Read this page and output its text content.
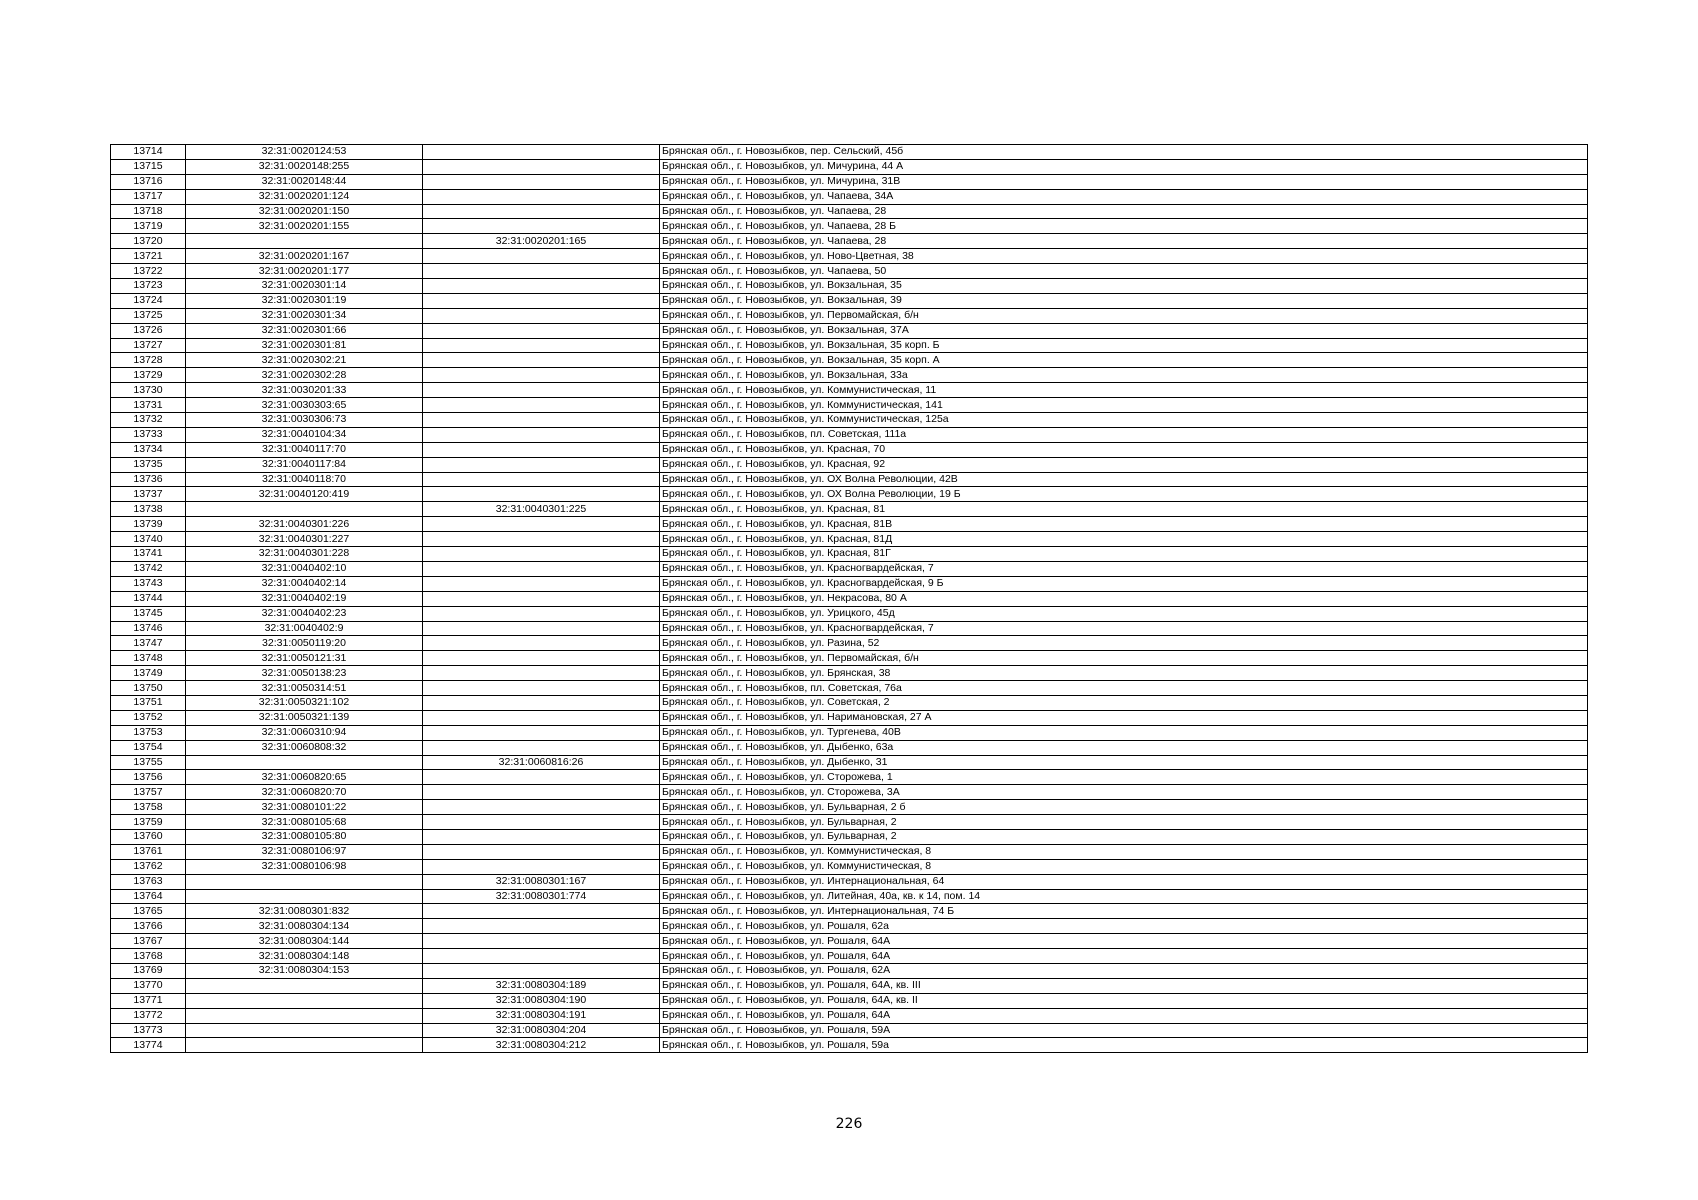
13714	32:31:0020124:53		Брянская обл., г. Новозыбков, пер. Сельский, 45б
13715	32:31:0020148:255		Брянская обл., г. Новозыбков, ул. Мичурина, 44 А
13716	32:31:0020148:44		Брянская обл., г. Новозыбков, ул. Мичурина, 31В
13717	32:31:0020201:124		Брянская обл., г. Новозыбков, ул. Чапаева, 34А
13718	32:31:0020201:150		Брянская обл., г. Новозыбков, ул. Чапаева, 28
13719	32:31:0020201:155		Брянская обл., г. Новозыбков, ул. Чапаева, 28 Б
13720		32:31:0020201:165	Брянская обл., г. Новозыбков, ул. Чапаева, 28
13721	32:31:0020201:167		Брянская обл., г. Новозыбков, ул. Ново-Цветная, 38
13722	32:31:0020201:177		Брянская обл., г. Новозыбков, ул. Чапаева, 50
13723	32:31:0020301:14		Брянская обл., г. Новозыбков, ул. Вокзальная, 35
13724	32:31:0020301:19		Брянская обл., г. Новозыбков, ул. Вокзальная, 39
13725	32:31:0020301:34		Брянская обл., г. Новозыбков, ул. Первомайская, б/н
13726	32:31:0020301:66		Брянская обл., г. Новозыбков, ул. Вокзальная, 37А
13727	32:31:0020301:81		Брянская обл., г. Новозыбков, ул. Вокзальная, 35 корп. Б
13728	32:31:0020302:21		Брянская обл., г. Новозыбков, ул. Вокзальная, 35 корп. А
13729	32:31:0020302:28		Брянская обл., г. Новозыбков, ул. Вокзальная, 33а
13730	32:31:0030201:33		Брянская обл., г. Новозыбков, ул. Коммунистическая, 11
13731	32:31:0030303:65		Брянская обл., г. Новозыбков, ул. Коммунистическая, 141
13732	32:31:0030306:73		Брянская обл., г. Новозыбков, ул. Коммунистическая, 125а
13733	32:31:0040104:34		Брянская обл., г. Новозыбков, пл. Советская, 111а
13734	32:31:0040117:70		Брянская обл., г. Новозыбков, ул. Красная, 70
13735	32:31:0040117:84		Брянская обл., г. Новозыбков, ул. Красная, 92
13736	32:31:0040118:70		Брянская обл., г. Новозыбков, ул. ОХ Волна Революции, 42В
13737	32:31:0040120:419		Брянская обл., г. Новозыбков, ул. ОХ Волна Революции, 19 Б
13738		32:31:0040301:225	Брянская обл., г. Новозыбков, ул. Красная, 81
13739	32:31:0040301:226		Брянская обл., г. Новозыбков, ул. Красная, 81В
13740	32:31:0040301:227		Брянская обл., г. Новозыбков, ул. Красная, 81Д
13741	32:31:0040301:228		Брянская обл., г. Новозыбков, ул. Красная, 81Г
13742	32:31:0040402:10		Брянская обл., г. Новозыбков, ул. Красногвардейская, 7
13743	32:31:0040402:14		Брянская обл., г. Новозыбков, ул. Красногвардейская, 9 Б
13744	32:31:0040402:19		Брянская обл., г. Новозыбков, ул. Некрасова, 80 А
13745	32:31:0040402:23		Брянская обл., г. Новозыбков, ул. Урицкого, 45д
13746	32:31:0040402:9		Брянская обл., г. Новозыбков, ул. Красногвардейская, 7
13747	32:31:0050119:20		Брянская обл., г. Новозыбков, ул. Разина, 52
13748	32:31:0050121:31		Брянская обл., г. Новозыбков, ул. Первомайская, б/н
13749	32:31:0050138:23		Брянская обл., г. Новозыбков, ул. Брянская, 38
13750	32:31:0050314:51		Брянская обл., г. Новозыбков, пл. Советская, 76а
13751	32:31:0050321:102		Брянская обл., г. Новозыбков, ул. Советская, 2
13752	32:31:0050321:139		Брянская обл., г. Новозыбков, ул. Наримановская, 27 А
13753	32:31:0060310:94		Брянская обл., г. Новозыбков, ул. Тургенева, 40В
13754	32:31:0060808:32		Брянская обл., г. Новозыбков, ул. Дыбенко, 63а
13755		32:31:0060816:26	Брянская обл., г. Новозыбков, ул. Дыбенко, 31
13756	32:31:0060820:65		Брянская обл., г. Новозыбков, ул. Сторожева, 1
13757	32:31:0060820:70		Брянская обл., г. Новозыбков, ул. Сторожева, 3А
13758	32:31:0080101:22		Брянская обл., г. Новозыбков, ул. Бульварная, 2 б
13759	32:31:0080105:68		Брянская обл., г. Новозыбков, ул. Бульварная, 2
13760	32:31:0080105:80		Брянская обл., г. Новозыбков, ул. Бульварная, 2
13761	32:31:0080106:97		Брянская обл., г. Новозыбков, ул. Коммунистическая, 8
13762	32:31:0080106:98		Брянская обл., г. Новозыбков, ул. Коммунистическая, 8
13763		32:31:0080301:167	Брянская обл., г. Новозыбков, ул. Интернациональная, 64
13764		32:31:0080301:774	Брянская обл., г. Новозыбков, ул. Литейная, 40а, кв. к 14, пом. 14
13765	32:31:0080301:832		Брянская обл., г. Новозыбков, ул. Интернациональная, 74 Б
13766	32:31:0080304:134		Брянская обл., г. Новозыбков, ул. Рошаля, 62а
13767	32:31:0080304:144		Брянская обл., г. Новозыбков, ул. Рошаля, 64А
13768	32:31:0080304:148		Брянская обл., г. Новозыбков, ул. Рошаля, 64А
13769	32:31:0080304:153		Брянская обл., г. Новозыбков, ул. Рошаля, 62А
13770		32:31:0080304:189	Брянская обл., г. Новозыбков, ул. Рошаля, 64А, кв. III
13771		32:31:0080304:190	Брянская обл., г. Новозыбков, ул. Рошаля, 64А, кв. II
13772		32:31:0080304:191	Брянская обл., г. Новозыбков, ул. Рошаля, 64А
13773		32:31:0080304:204	Брянская обл., г. Новозыбков, ул. Рошаля, 59А
13774		32:31:0080304:212	Брянская обл., г. Новозыбков, ул. Рошаля, 59а
226
